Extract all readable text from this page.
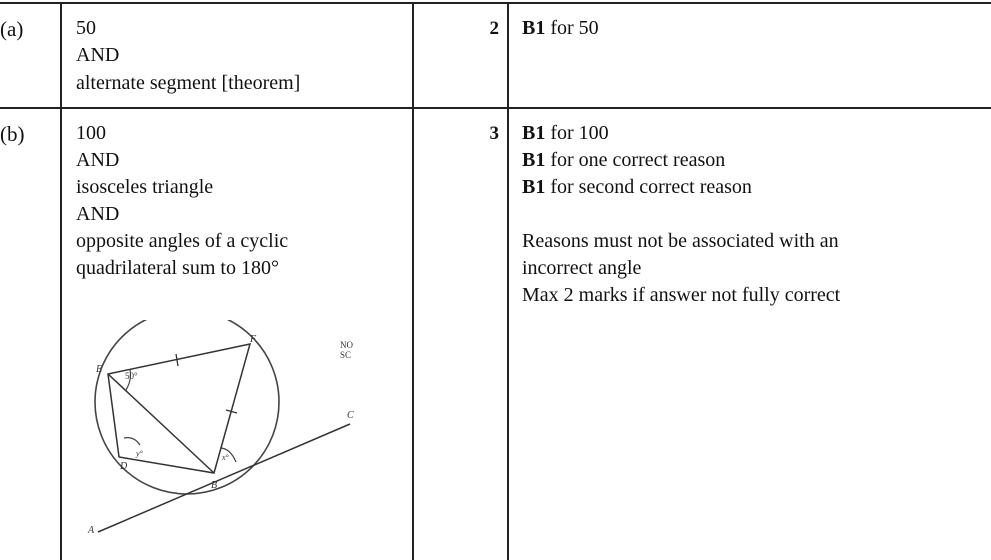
(a)	50
AND
alternate segment [theorem]
2 B1 for 50
(b)	100
AND
isosceles triangle
AND
opposite angles of a cyclic
quadrilateral sum to 180°
3 B1 for 100
B1 for one correct reason
B1 for second correct reason
Reasons must not be associated with an
incorrect angle
Max 2 marks if answer not fully correct
E
F
D
B
C
A
50°
y°	x°
NO
SC
